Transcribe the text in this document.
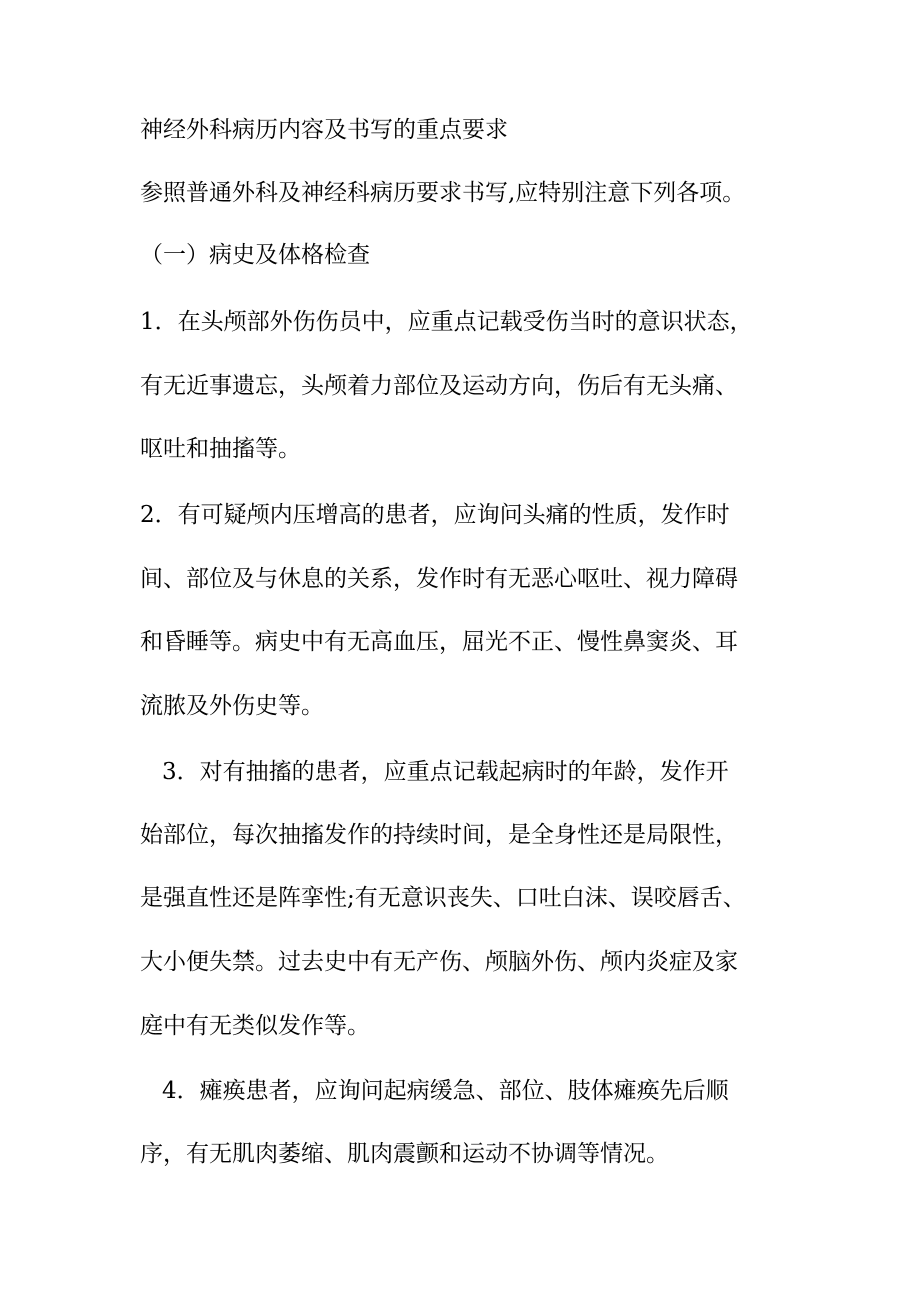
神经外科病历内容及书写的重点要求
参照普通外科及神经科病历要求书写,应特别注意下列各项。
（一）病史及体格检查
1．在头颅部外伤伤员中，应重点记载受伤当时的意识状态，
有无近事遗忘，头颅着力部位及运动方向，伤后有无头痛、
呕吐和抽搐等。
2．有可疑颅内压增高的患者，应询问头痛的性质，发作时
间、部位及与休息的关系，发作时有无恶心呕吐、视力障碍
和昏睡等。病史中有无高血压，屈光不正、慢性鼻窦炎、耳
流脓及外伤史等。
3．对有抽搐的患者，应重点记载起病时的年龄，发作开
始部位，每次抽搐发作的持续时间，是全身性还是局限性，
是强直性还是阵挛性;有无意识丧失、口吐白沫、误咬唇舌、
大小便失禁。过去史中有无产伤、颅脑外伤、颅内炎症及家
庭中有无类似发作等。
4．瘫痪患者，应询问起病缓急、部位、肢体瘫痪先后顺
序，有无肌肉萎缩、肌肉震颤和运动不协调等情况。
